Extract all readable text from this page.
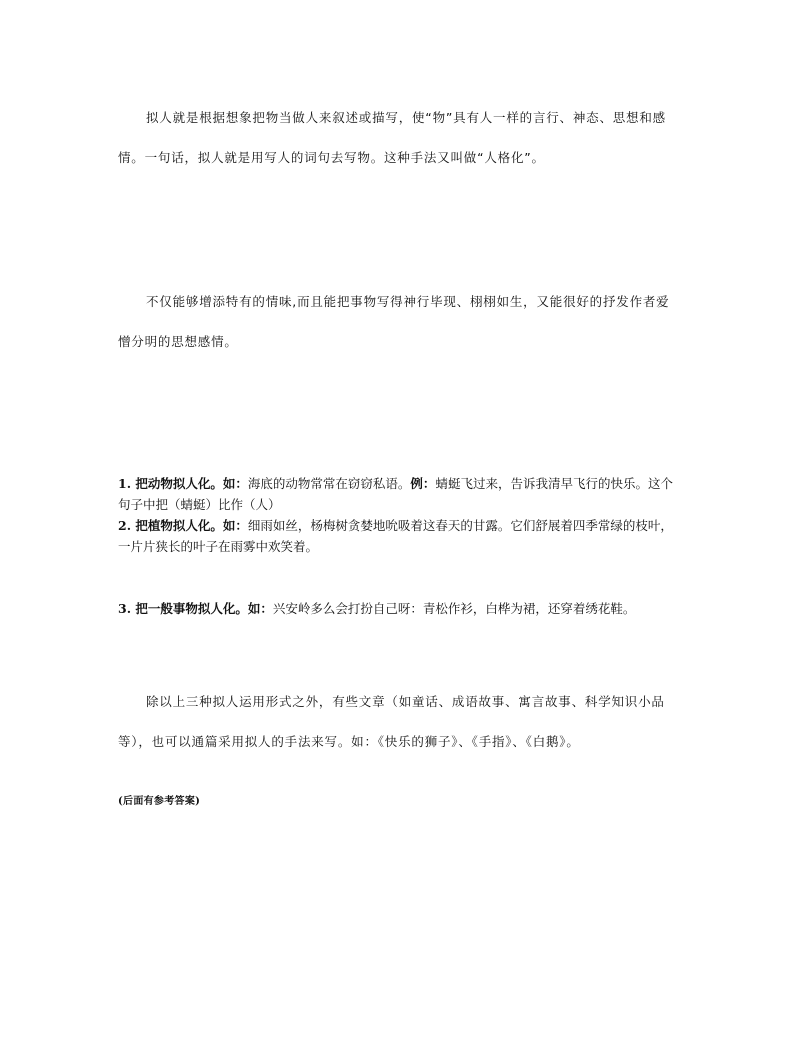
拟人就是根据想象把物当做人来叙述或描写，使“物”具有人一样的言行、神态、思想和感情。一句话，拟人就是用写人的词句去写物。这种手法又叫做“人格化”。

不仅能够增添特有的情味,而且能把事物写得神行毕现、栩栩如生，又能很好的抒发作者爱憎分明的思想感情。

1. 把动物拟人化。如：海底的动物常常在窃窃私语。例：蜻蜓飞过来，告诉我清早飞行的快乐。这个句子中把（蜻蜓）比作（人）

2. 把植物拟人化。如：细雨如丝，杨梅树贪婪地吮吸着这春天的甘露。它们舒展着四季常绿的枝叶，一片片狭长的叶子在雨雾中欢笑着。

3. 把一般事物拟人化。如：兴安岭多么会打扮自己呀：青松作衫，白桦为裙，还穿着绣花鞋。

除以上三种拟人运用形式之外，有些文章（如童话、成语故事、寓言故事、科学知识小品等），也可以通篇采用拟人的手法来写。如：《快乐的狮子》、《手指》、《白鹅》。

(后面有参考答案)
